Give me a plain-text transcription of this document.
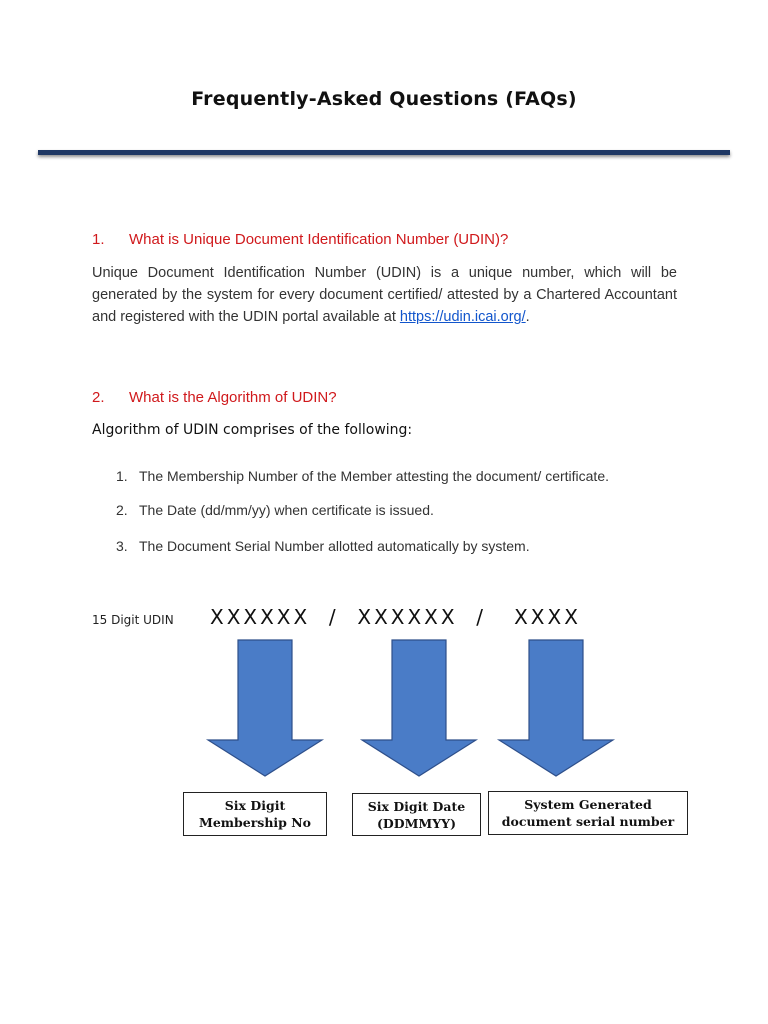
Frequently-Asked Questions (FAQs)
1. What is Unique Document Identification Number (UDIN)?
Unique Document Identification Number (UDIN) is a unique number, which will be generated by the system for every document certified/ attested by a Chartered Accountant and registered with the UDIN portal available at https://udin.icai.org/.
2. What is the Algorithm of UDIN?
Algorithm of UDIN comprises of the following:
1. The Membership Number of the Member attesting the document/ certificate.
2. The Date (dd/mm/yy) when certificate is issued.
3. The Document Serial Number allotted automatically by system.
15 Digit UDIN XXXXXX  /  XXXXXX  /   XXXX
Six Digit
Membership No
Six Digit Date
(DDMMYY)
System Generated
document serial number
